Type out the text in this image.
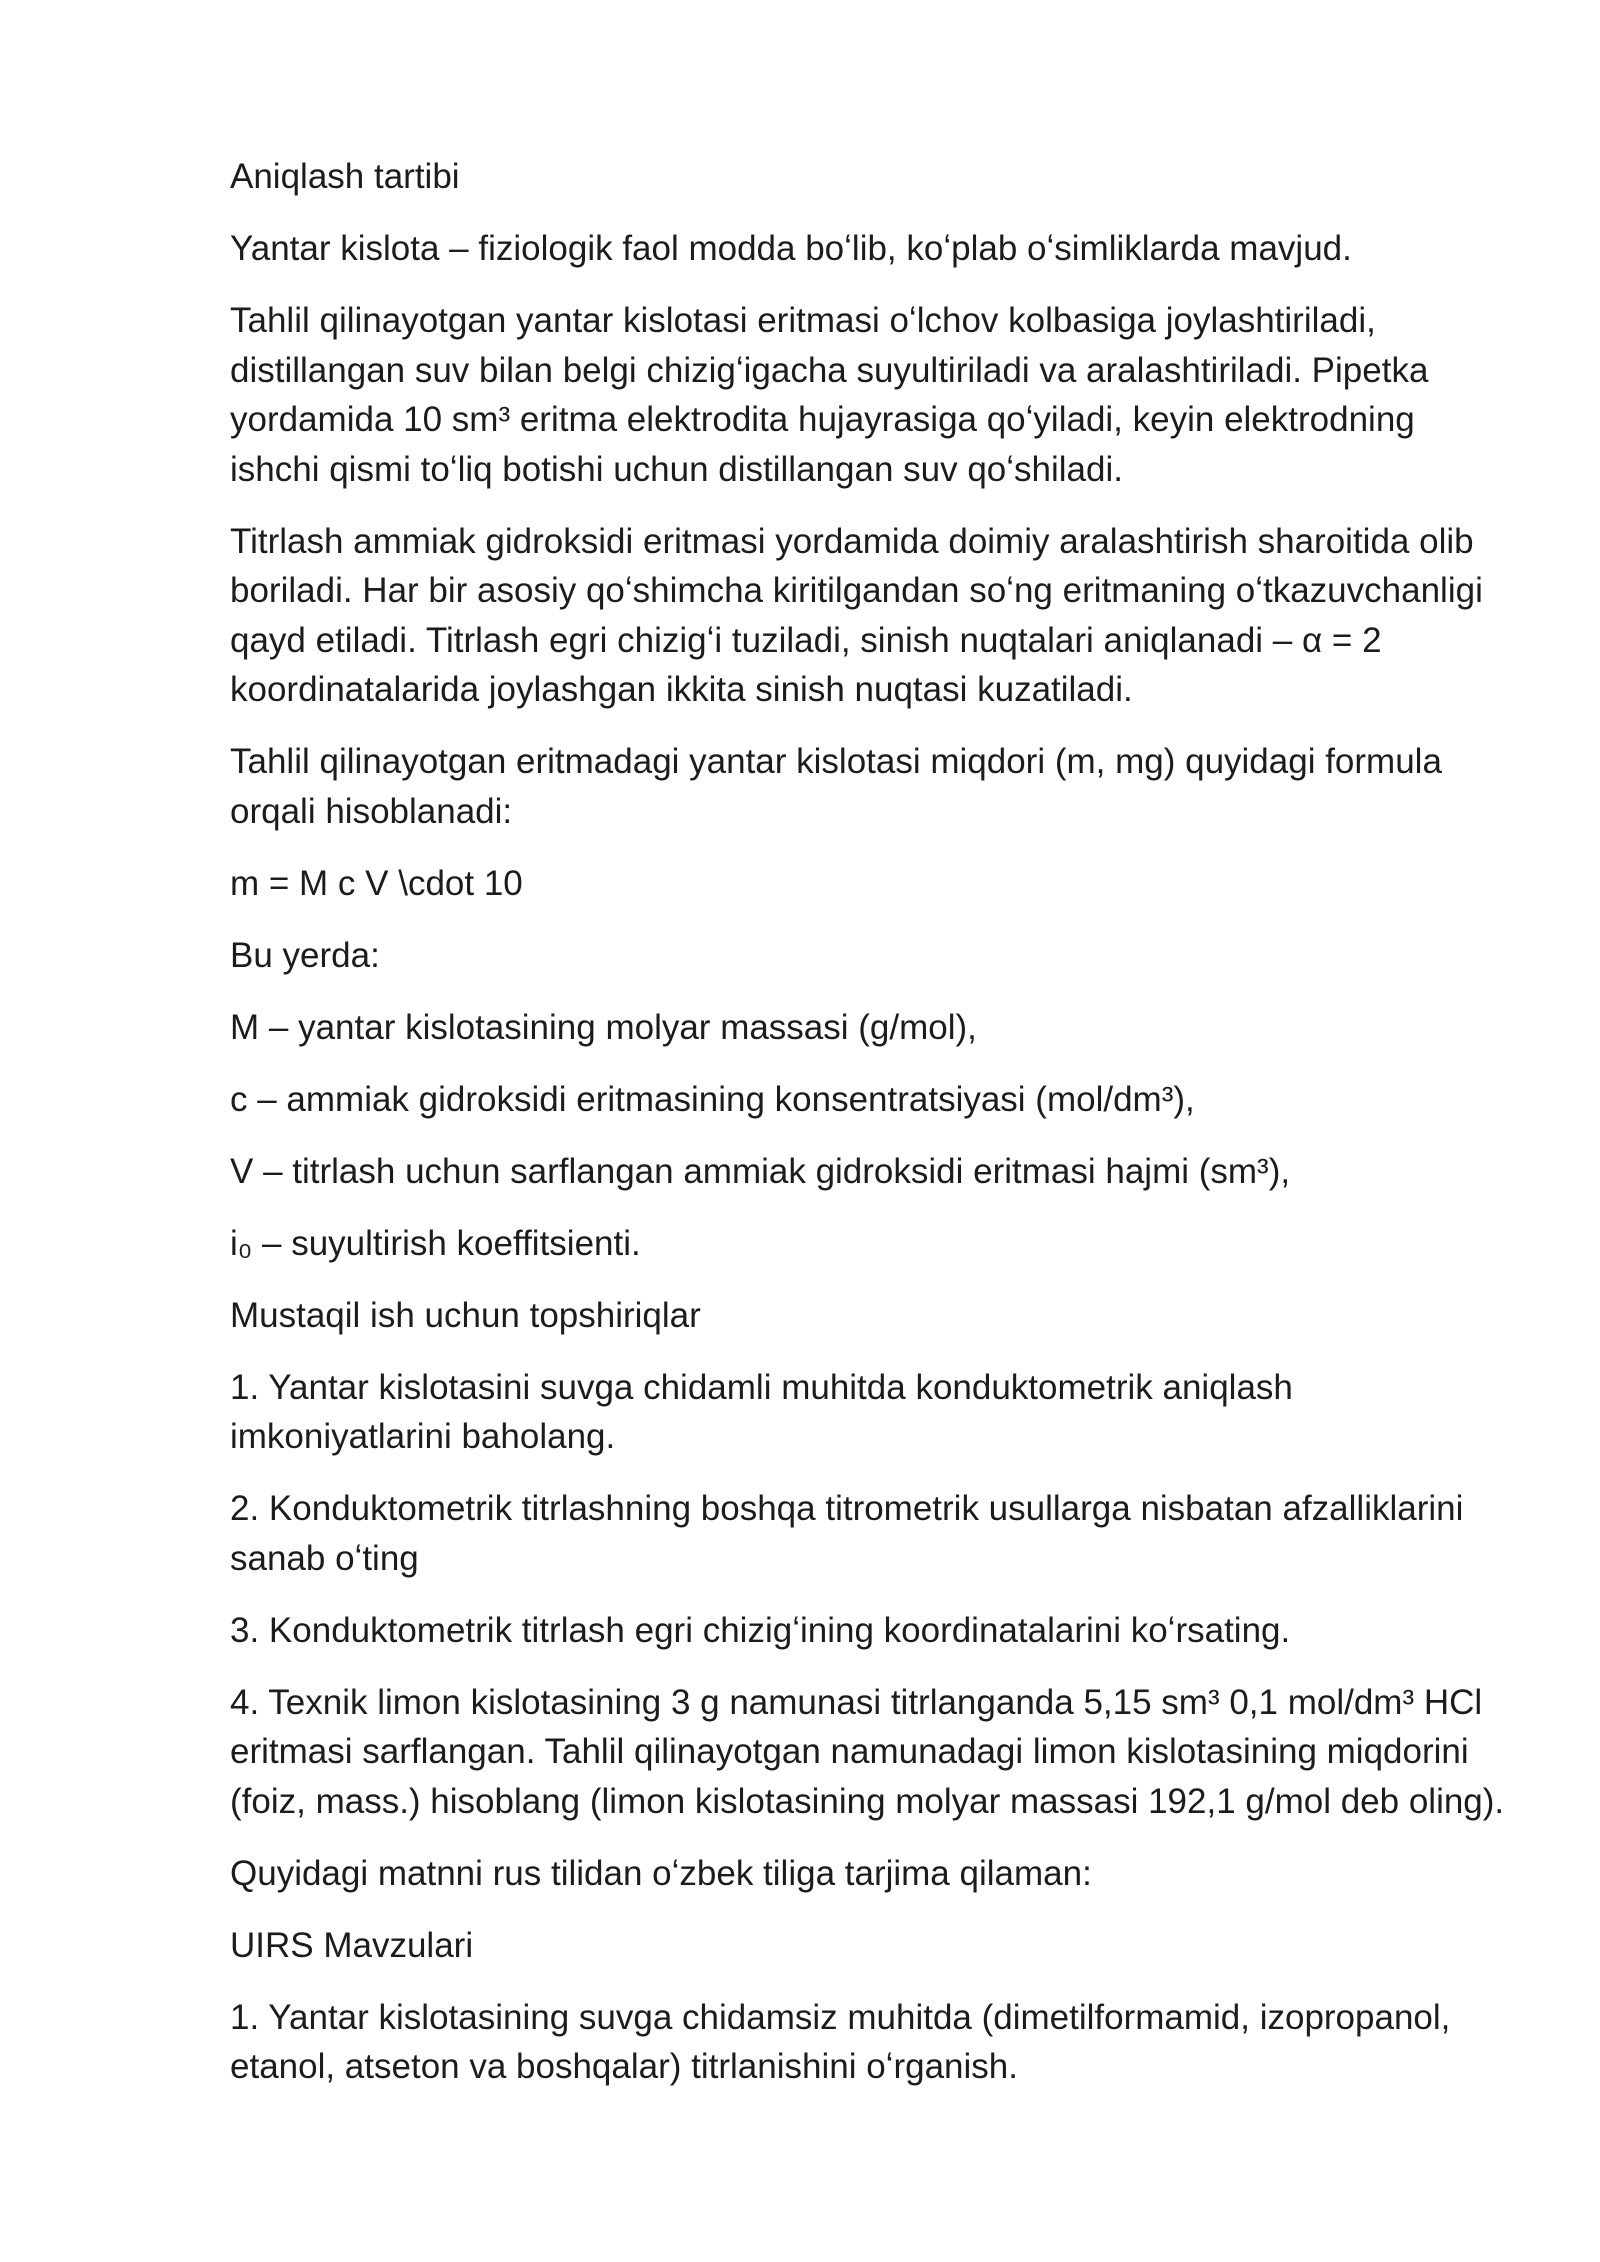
Aniqlash tartibi
Yantar kislota – fiziologik faol modda boʻlib, koʻplab oʻsimliklarda mavjud.
Tahlil qilinayotgan yantar kislotasi eritmasi oʻlchov kolbasiga joylashtiriladi,
distillangan suv bilan belgi chizigʻigacha suyultiriladi va aralashtiriladi. Pipetka
yordamida 10 sm³ eritma elektrodita hujayrasiga qoʻyiladi, keyin elektrodning
ishchi qismi toʻliq botishi uchun distillangan suv qoʻshiladi.
Titrlash ammiak gidroksidi eritmasi yordamida doimiy aralashtirish sharoitida olib
boriladi. Har bir asosiy qoʻshimcha kiritilgandan soʻng eritmaning oʻtkazuvchanligi
qayd etiladi. Titrlash egri chizigʻi tuziladi, sinish nuqtalari aniqlanadi – α = 2
koordinatalarida joylashgan ikkita sinish nuqtasi kuzatiladi.
Tahlil qilinayotgan eritmadagi yantar kislotasi miqdori (m, mg) quyidagi formula
orqali hisoblanadi:
m = M c V \cdot 10
Bu yerda:
M – yantar kislotasining molyar massasi (g/mol),
c – ammiak gidroksidi eritmasining konsentratsiyasi (mol/dm³),
V – titrlash uchun sarflangan ammiak gidroksidi eritmasi hajmi (sm³),
i₀ – suyultirish koeffitsienti.
Mustaqil ish uchun topshiriqlar
1. Yantar kislotasini suvga chidamli muhitda konduktometrik aniqlash
imkoniyatlarini baholang.
2. Konduktometrik titrlashning boshqa titrometrik usullarga nisbatan afzalliklarini
sanab oʻting
3. Konduktometrik titrlash egri chizigʻining koordinatalarini koʻrsating.
4. Texnik limon kislotasining 3 g namunasi titrlanganda 5,15 sm³ 0,1 mol/dm³ HCl
eritmasi sarflangan. Tahlil qilinayotgan namunadagi limon kislotasining miqdorini
(foiz, mass.) hisoblang (limon kislotasining molyar massasi 192,1 g/mol deb oling).
Quyidagi matnni rus tilidan oʻzbek tiliga tarjima qilaman:
UIRS Mavzulari
1. Yantar kislotasining suvga chidamsiz muhitda (dimetilformamid, izopropanol,
etanol, atseton va boshqalar) titrlanishini oʻrganish.
